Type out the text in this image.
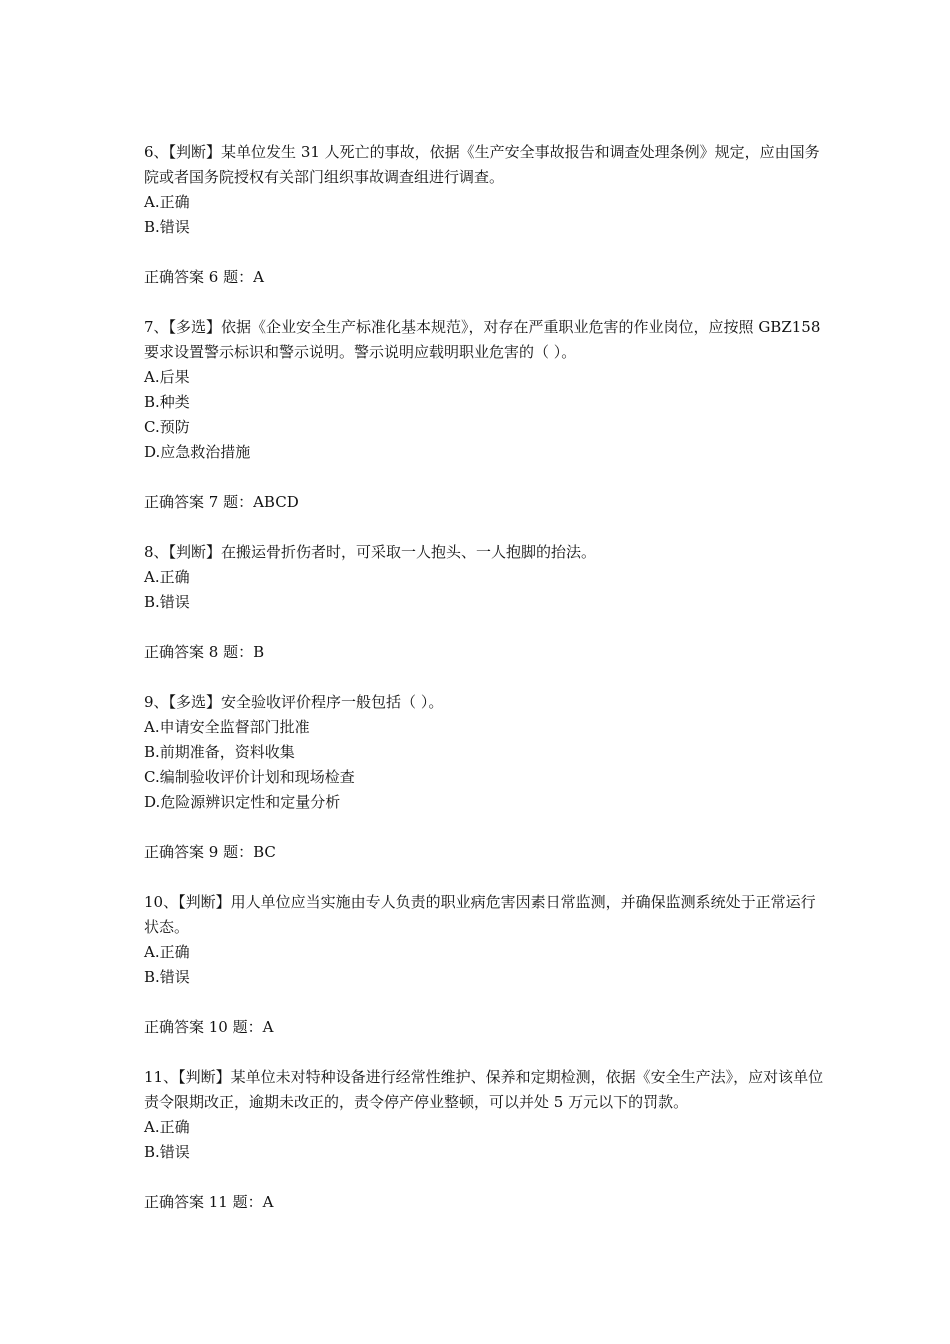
6、【判断】某单位发生 31 人死亡的事故，依据《生产安全事故报告和调查处理条例》规定，应由国务院或者国务院授权有关部门组织事故调查组进行调查。

A.正确

B.错误

正确答案 6 题：A

7、【多选】依据《企业安全生产标准化基本规范》，对存在严重职业危害的作业岗位，应按照 GBZ158 要求设置警示标识和警示说明。警示说明应载明职业危害的（ ）。

A.后果

B.种类

C.预防

D.应急救治措施

正确答案 7 题：ABCD

8、【判断】在搬运骨折伤者时，可采取一人抱头、一人抱脚的抬法。

A.正确

B.错误

正确答案 8 题：B

9、【多选】安全验收评价程序一般包括（ ）。

A.申请安全监督部门批准

B.前期准备，资料收集

C.编制验收评价计划和现场检查

D.危险源辨识定性和定量分析

正确答案 9 题：BC

10、【判断】用人单位应当实施由专人负责的职业病危害因素日常监测，并确保监测系统处于正常运行状态。

A.正确

B.错误

正确答案 10 题：A

11、【判断】某单位未对特种设备进行经常性维护、保养和定期检测，依据《安全生产法》，应对该单位责令限期改正，逾期未改正的，责令停产停业整顿，可以并处 5 万元以下的罚款。

A.正确

B.错误

正确答案 11 题：A
